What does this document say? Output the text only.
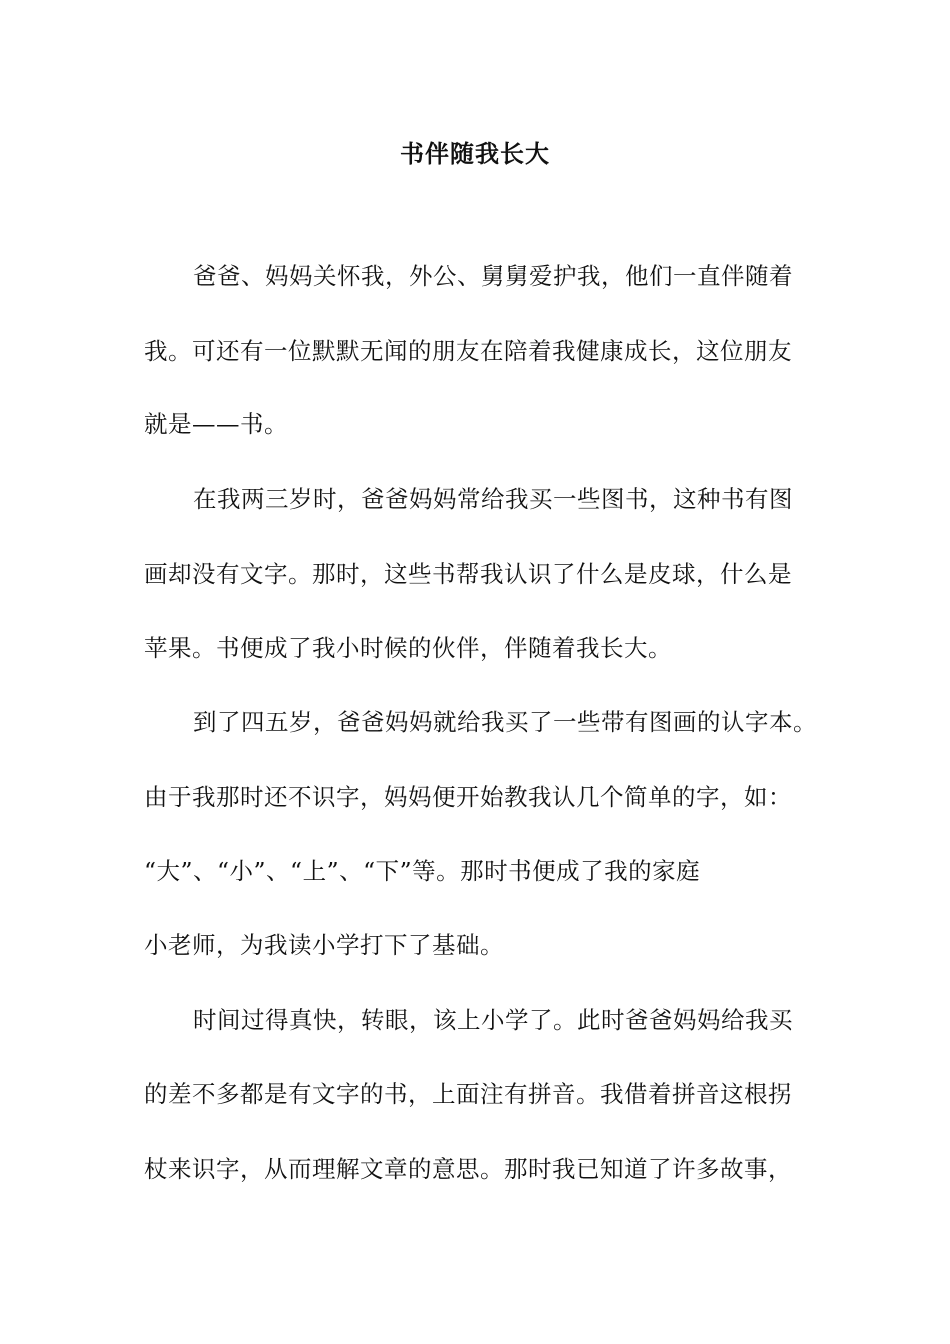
书伴随我长大
爸爸、妈妈关怀我，外公、舅舅爱护我，他们一直伴随着
我。可还有一位默默无闻的朋友在陪着我健康成长，这位朋友
就是——书。
在我两三岁时，爸爸妈妈常给我买一些图书，这种书有图
画却没有文字。那时，这些书帮我认识了什么是皮球，什么是
苹果。书便成了我小时候的伙伴，伴随着我长大。
到了四五岁，爸爸妈妈就给我买了一些带有图画的认字本。
由于我那时还不识字，妈妈便开始教我认几个简单的字，如：
“大”、“小”、“上”、“下”等。那时书便成了我的家庭
小老师，为我读小学打下了基础。
时间过得真快，转眼，该上小学了。此时爸爸妈妈给我买
的差不多都是有文字的书，上面注有拼音。我借着拼音这根拐
杖来识字，从而理解文章的意思。那时我已知道了许多故事，
